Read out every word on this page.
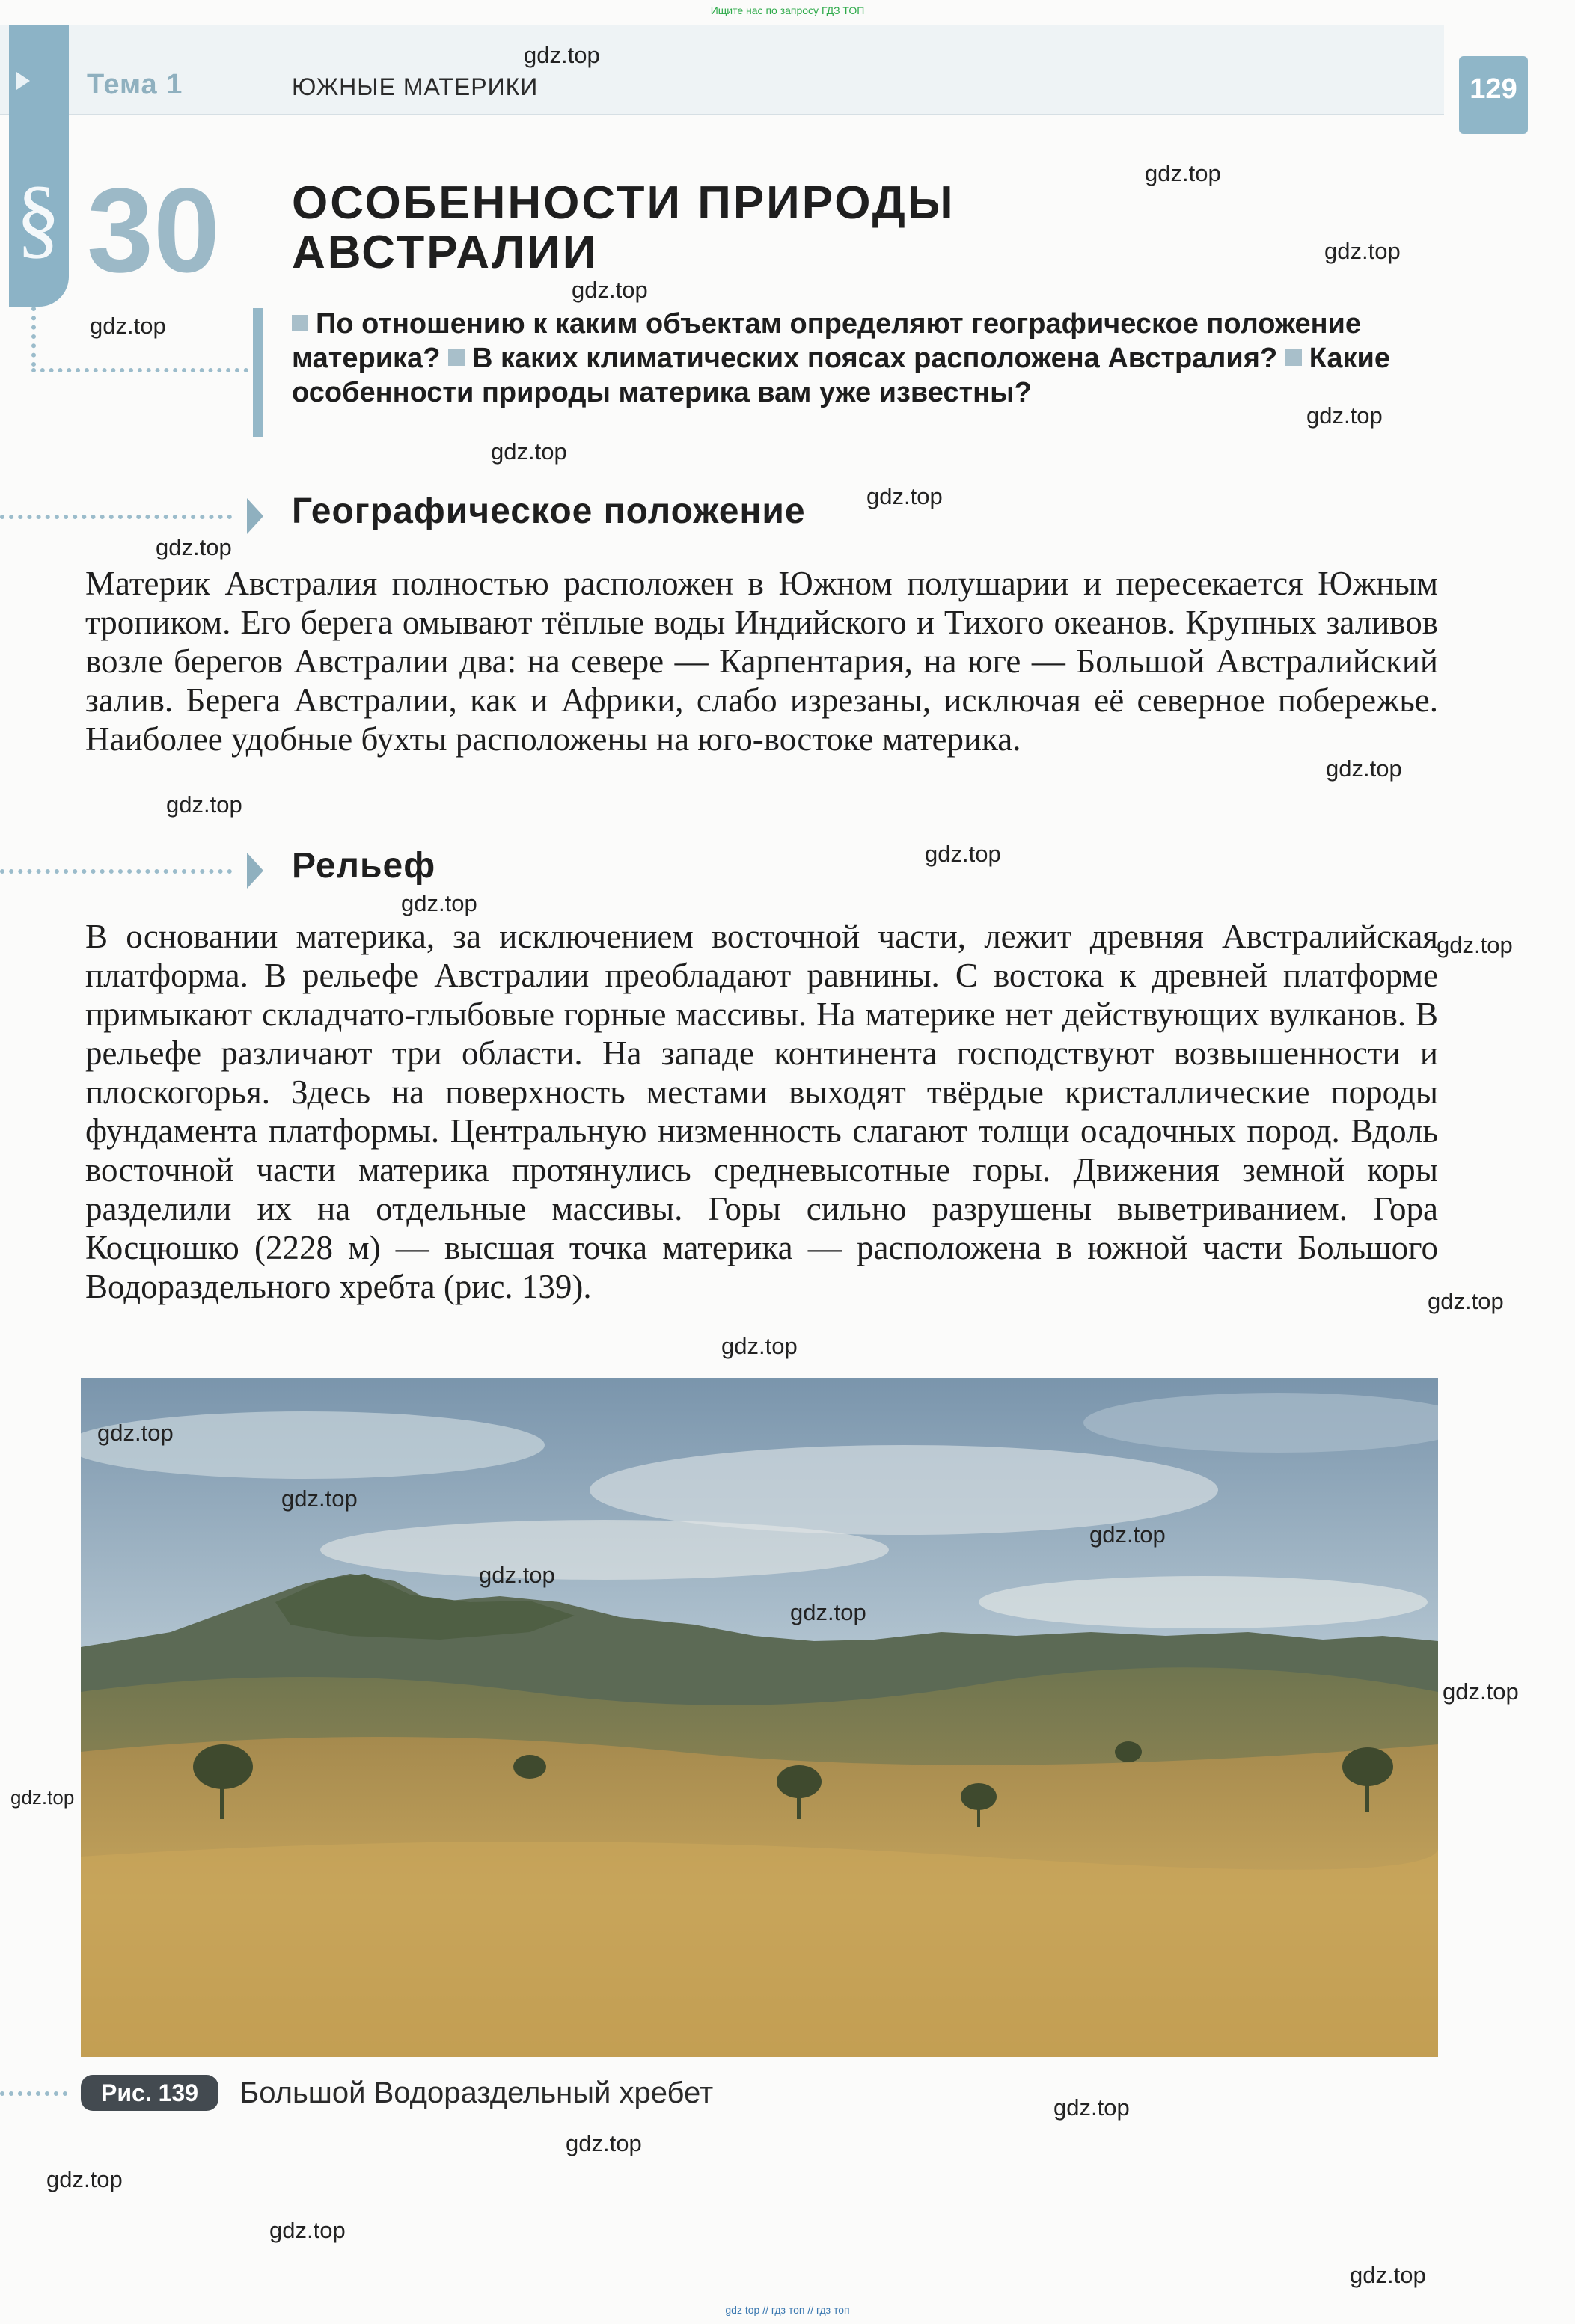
Ищите нас по запросу ГДЗ ТОП
Тема 1	ЮЖНЫЕ МАТЕРИКИ	129
§ 30 ОСОБЕННОСТИ ПРИРОДЫ
АВСТРАЛИИ
По отношению к каким объектам определяют географическое положение материка? В каких климатических поясах расположена Австралия? Какие особенности природы материка вам уже известны?
Географическое положение
Материк Австралия полностью расположен в Южном полушарии и пересекается Южным тропиком. Его берега омывают тёплые воды Индийского и Тихого океанов. Крупных заливов возле берегов Австралии два: на севере — Карпентария, на юге — Большой Австралийский залив. Берега Австралии, как и Африки, слабо изрезаны, исключая её северное побережье. Наиболее удобные бухты расположены на юго-востоке материка.
Рельеф
В основании материка, за исключением восточной части, лежит древняя Австралийская платформа. В рельефе Австралии преобладают равнины. С востока к древней платформе примыкают складчато-глыбовые горные массивы. На материке нет действующих вулканов. В рельефе различают три области. На западе континента господствуют возвышенности и плоскогорья. Здесь на поверхность местами выходят твёрдые кристаллические породы фундамента платформы. Центральную низменность слагают толщи осадочных пород. Вдоль восточной части материка протянулись средневысотные горы. Движения земной коры разделили их на отдельные массивы. Горы сильно разрушены выветриванием. Гора Косцюшко (2228 м) — высшая точка материка — расположена в южной части Большого Водораздельного хребта (рис. 139).
Рис. 139	Большой Водораздельный хребет
gdz.top
gdz.top
gdz.top
gdz.top
gdz.top
gdz.top
gdz.top
gdz.top
gdz.top
gdz.top
gdz.top
gdz.top
gdz.top
gdz.top
gdz.top
gdz.top
gdz.top
gdz.top
gdz.top
gdz.top
gdz.top
gdz.top
gdz.top
gdz.top
gdz.top
gdz.top
gdz.top
gdz.top
gdz top // гдз топ // гдз топ
